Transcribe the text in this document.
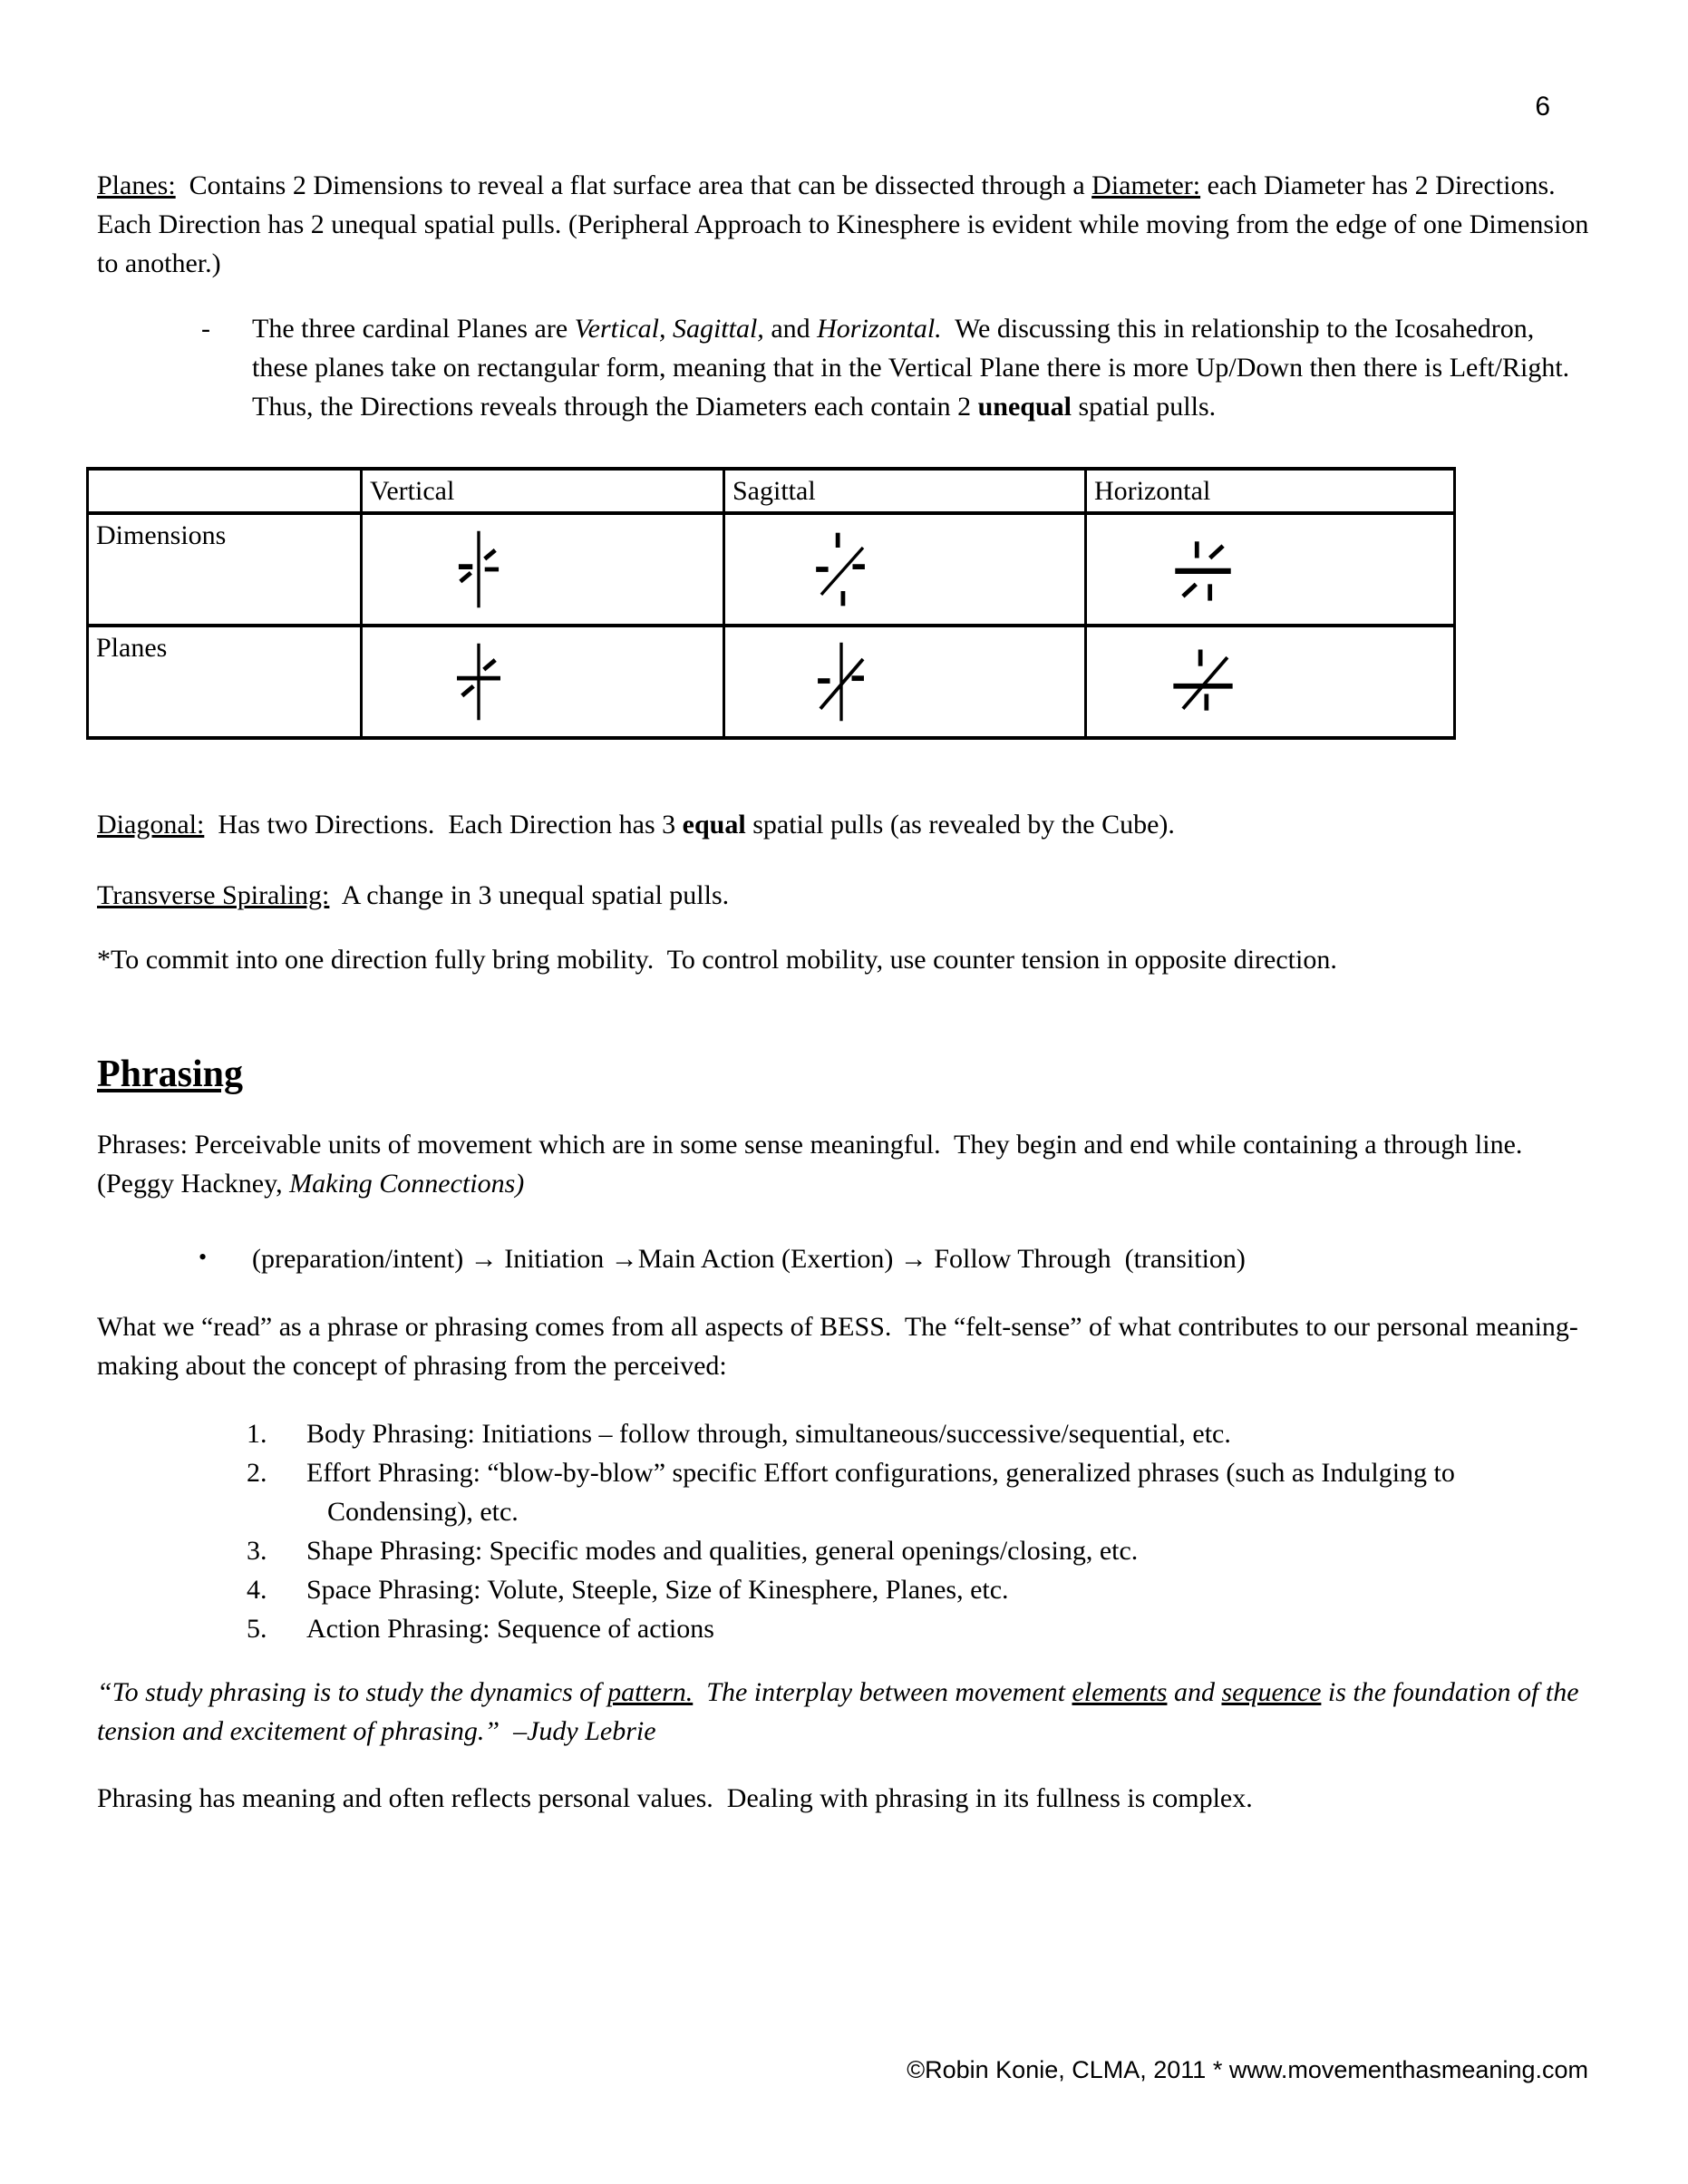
6

Planes:  Contains 2 Dimensions to reveal a flat surface area that can be dissected through a Diameter: each Diameter has 2 Directions.  Each Direction has 2 unequal spatial pulls. (Peripheral Approach to Kinesphere is evident while moving from the edge of one Dimension to another.)

- The three cardinal Planes are Vertical, Sagittal, and Horizontal.  We discussing this in relationship to the Icosahedron, these planes take on rectangular form, meaning that in the Vertical Plane there is more Up/Down then there is Left/Right.  Thus, the Directions reveals through the Diameters each contain 2 unequal spatial pulls.
	Vertical	Sagittal	Horizontal
Dimensions	

Planes	

Diagonal:  Has two Directions.  Each Direction has 3 equal spatial pulls (as revealed by the Cube).

Transverse Spiraling:  A change in 3 unequal spatial pulls.

*To commit into one direction fully bring mobility.  To control mobility, use counter tension in opposite direction.

Phrasing

Phrases: Perceivable units of movement which are in some sense meaningful.  They begin and end while containing a through line.  (Peggy Hackney, Making Connections)

• (preparation/intent) → Initiation →Main Action (Exertion) → Follow Through  (transition)

What we “read” as a phrase or phrasing comes from all aspects of BESS.  The “felt-sense” of what contributes to our personal meaning-making about the concept of phrasing from the perceived:

1. Body Phrasing: Initiations – follow through, simultaneous/successive/sequential, etc.
2. Effort Phrasing: “blow-by-blow” specific Effort configurations, generalized phrases (such as Indulging to Condensing), etc.
3. Shape Phrasing: Specific modes and qualities, general openings/closing, etc.
4. Space Phrasing: Volute, Steeple, Size of Kinesphere, Planes, etc.
5. Action Phrasing: Sequence of actions

“To study phrasing is to study the dynamics of pattern.  The interplay between movement elements and sequence is the foundation of the tension and excitement of phrasing.”  –Judy Lebrie

Phrasing has meaning and often reflects personal values.  Dealing with phrasing in its fullness is complex.

©Robin Konie, CLMA, 2011 * www.movementhasmeaning.com
